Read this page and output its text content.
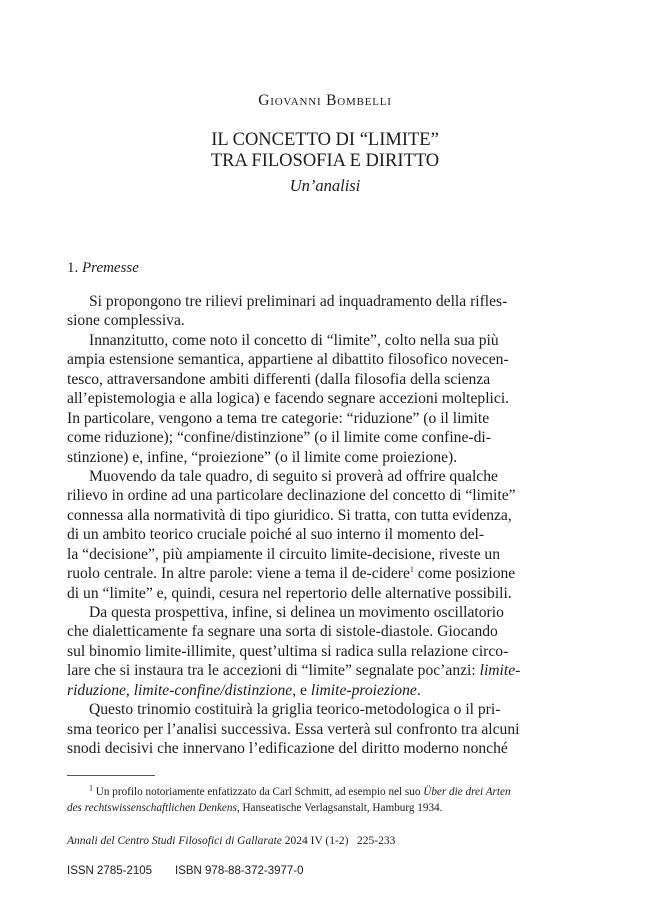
Giovanni Bombelli
IL CONCETTO DI “LIMITE”
TRA FILOSOFIA E DIRITTO
Un’analisi
1. Premesse
Si propongono tre rilievi preliminari ad inquadramento della rifles-
sione complessiva.
Innanzitutto, come noto il concetto di “limite”, colto nella sua più
ampia estensione semantica, appartiene al dibattito filosofico novecen-
tesco, attraversandone ambiti differenti (dalla filosofia della scienza
all’epistemologia e alla logica) e facendo segnare accezioni molteplici.
In particolare, vengono a tema tre categorie: “riduzione” (o il limite
come riduzione); “confine/distinzione” (o il limite come confine-di-
stinzione) e, infine, “proiezione” (o il limite come proiezione).
Muovendo da tale quadro, di seguito si proverà ad offrire qualche
rilievo in ordine ad una particolare declinazione del concetto di “limite”
connessa alla normatività di tipo giuridico. Si tratta, con tutta evidenza,
di un ambito teorico cruciale poiché al suo interno il momento del-
la “decisione”, più ampiamente il circuito limite-decisione, riveste un
ruolo centrale. In altre parole: viene a tema il de-cidere$^1$ come posizione
di un “limite” e, quindi, cesura nel repertorio delle alternative possibili.
Da questa prospettiva, infine, si delinea un movimento oscillatorio
che dialetticamente fa segnare una sorta di sistole-diastole. Giocando
sul binomio limite-illimite, quest’ultima si radica sulla relazione circo-
lare che si instaura tra le accezioni di “limite” segnalate poc’anzi: limite-
riduzione, limite-confine/distinzione, e limite-proiezione.
Questo trinomio costituirà la griglia teorico-metodologica o il pri-
sma teorico per l’analisi successiva. Essa verterà sul confronto tra alcuni
snodi decisivi che innervano l’edificazione del diritto moderno nonché
$^1$ Un profilo notoriamente enfatizzato da Carl Schmitt, ad esempio nel suo Über die drei Arten
des rechtswissenschaftlichen Denkens, Hanseatische Verlagsanstalt, Hamburg 1934.
Annali del Centro Studi Filosofici di Gallarate 2024 IV (1-2) 225-233
ISSN 2785-2105 ISBN 978-88-372-3977-0
